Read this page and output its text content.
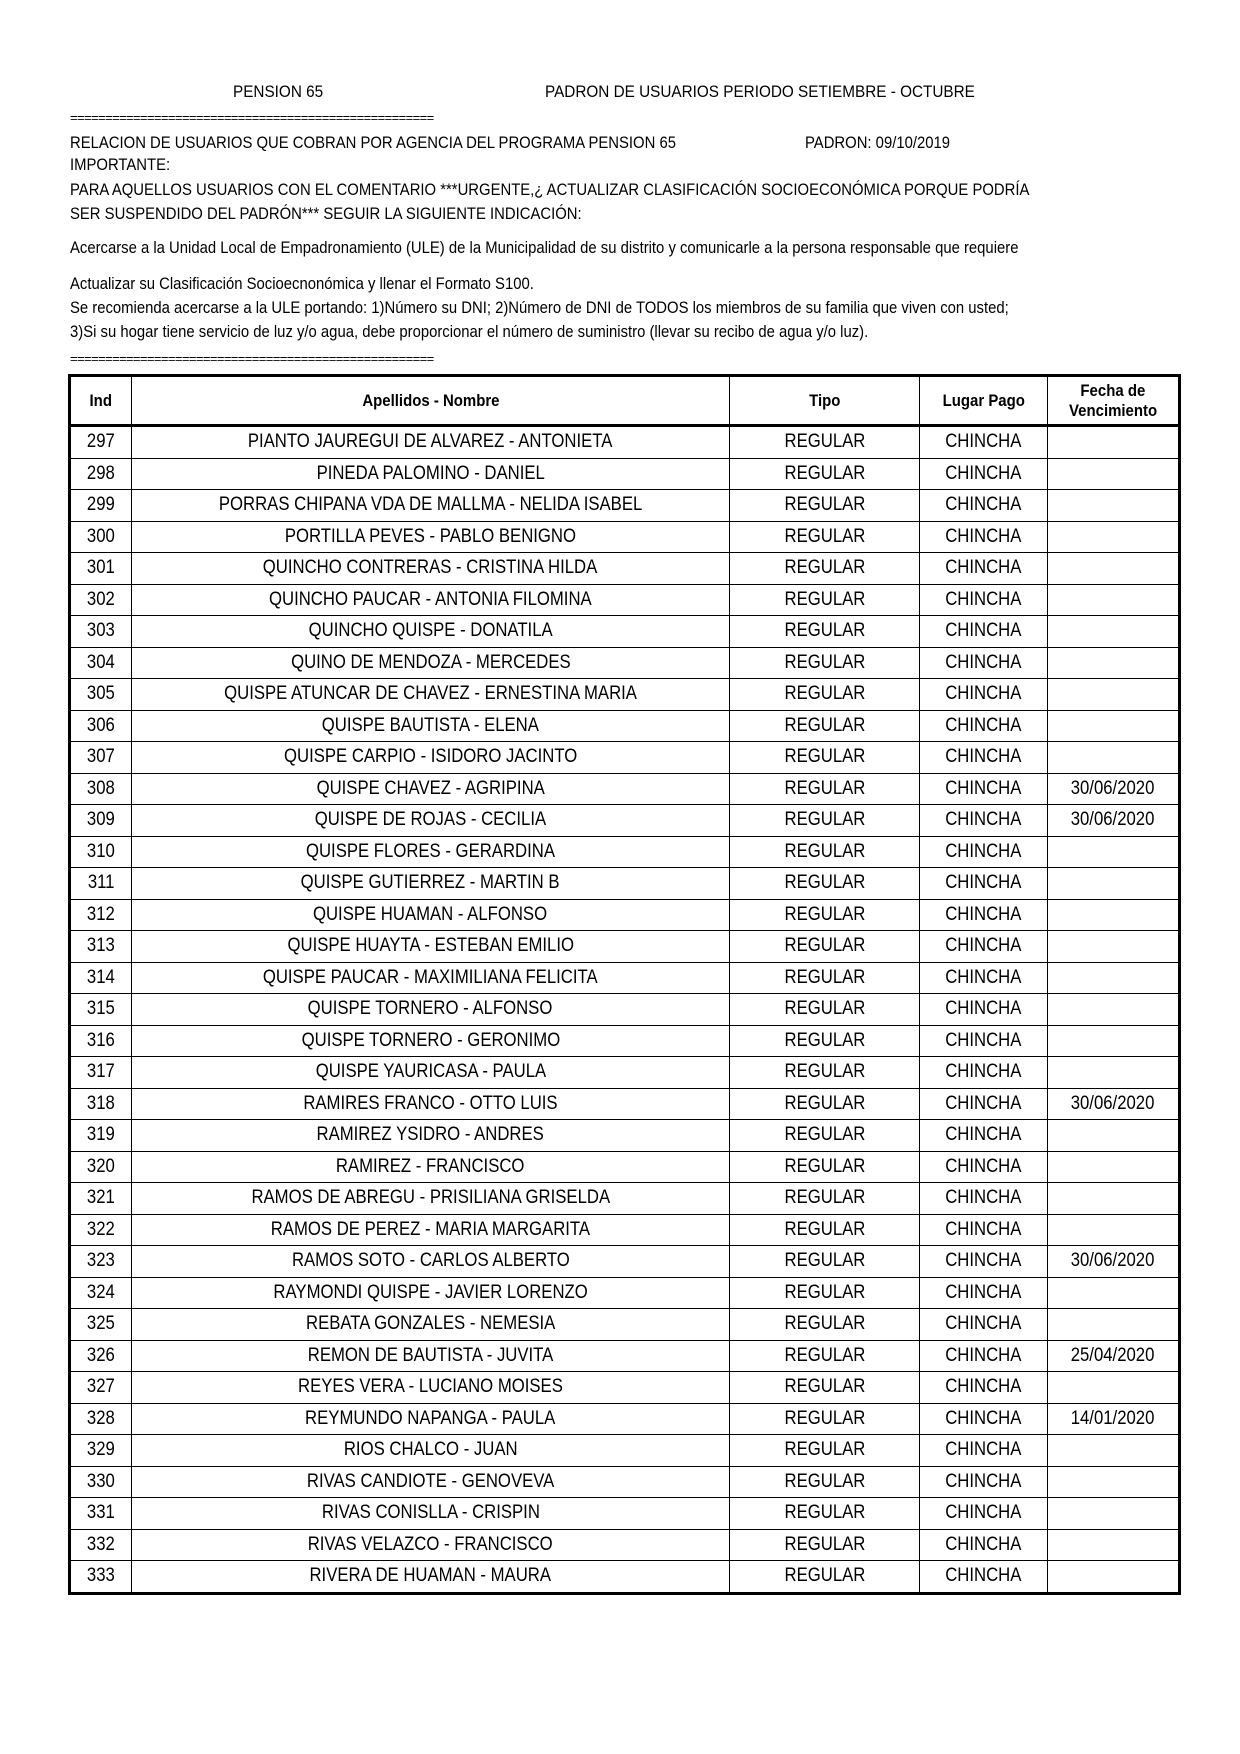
PENSION 65	PADRON DE USUARIOS PERIODO SETIEMBRE - OCTUBRE
====================================================
RELACION DE USUARIOS QUE COBRAN POR AGENCIA DEL PROGRAMA PENSION 65	PADRON: 09/10/2019
IMPORTANTE:
PARA AQUELLOS USUARIOS CON EL COMENTARIO ***URGENTE,¿ ACTUALIZAR CLASIFICACIÓN SOCIOECONÓMICA PORQUE PODRÍA
SER SUSPENDIDO DEL PADRÓN*** SEGUIR LA SIGUIENTE INDICACIÓN:
Acercarse a la Unidad Local de Empadronamiento (ULE) de la Municipalidad de su distrito y comunicarle a la persona responsable que requiere
Actualizar su Clasificación Socioecnonómica y llenar el Formato S100.
Se recomienda acercarse a la ULE portando: 1)Número su DNI; 2)Número de DNI de TODOS los miembros de su familia que viven con usted;
3)Si su hogar tiene servicio de luz y/o agua, debe proporcionar el número de suministro (llevar su recibo de agua y/o luz).
====================================================
Ind	Apellidos - Nombre	Tipo	Lugar Pago	Fecha de
Vencimiento
297	PIANTO JAUREGUI DE ALVAREZ - ANTONIETA	REGULAR	CHINCHA	
298	PINEDA PALOMINO - DANIEL	REGULAR	CHINCHA	
299	PORRAS CHIPANA VDA DE MALLMA - NELIDA ISABEL	REGULAR	CHINCHA	
300	PORTILLA PEVES - PABLO BENIGNO	REGULAR	CHINCHA	
301	QUINCHO CONTRERAS - CRISTINA HILDA	REGULAR	CHINCHA	
302	QUINCHO PAUCAR - ANTONIA FILOMINA	REGULAR	CHINCHA	
303	QUINCHO QUISPE - DONATILA	REGULAR	CHINCHA	
304	QUINO DE MENDOZA - MERCEDES	REGULAR	CHINCHA	
305	QUISPE ATUNCAR DE CHAVEZ - ERNESTINA MARIA	REGULAR	CHINCHA	
306	QUISPE BAUTISTA - ELENA	REGULAR	CHINCHA	
307	QUISPE CARPIO - ISIDORO JACINTO	REGULAR	CHINCHA	
308	QUISPE CHAVEZ - AGRIPINA	REGULAR	CHINCHA	30/06/2020
309	QUISPE DE ROJAS - CECILIA	REGULAR	CHINCHA	30/06/2020
310	QUISPE FLORES - GERARDINA	REGULAR	CHINCHA	
311	QUISPE GUTIERREZ - MARTIN B	REGULAR	CHINCHA	
312	QUISPE HUAMAN - ALFONSO	REGULAR	CHINCHA	
313	QUISPE HUAYTA - ESTEBAN EMILIO	REGULAR	CHINCHA	
314	QUISPE PAUCAR - MAXIMILIANA FELICITA	REGULAR	CHINCHA	
315	QUISPE TORNERO - ALFONSO	REGULAR	CHINCHA	
316	QUISPE TORNERO - GERONIMO	REGULAR	CHINCHA	
317	QUISPE YAURICASA - PAULA	REGULAR	CHINCHA	
318	RAMIRES FRANCO - OTTO LUIS	REGULAR	CHINCHA	30/06/2020
319	RAMIREZ YSIDRO - ANDRES	REGULAR	CHINCHA	
320	RAMIREZ - FRANCISCO	REGULAR	CHINCHA	
321	RAMOS DE ABREGU - PRISILIANA GRISELDA	REGULAR	CHINCHA	
322	RAMOS DE PEREZ - MARIA MARGARITA	REGULAR	CHINCHA	
323	RAMOS SOTO - CARLOS ALBERTO	REGULAR	CHINCHA	30/06/2020
324	RAYMONDI QUISPE - JAVIER LORENZO	REGULAR	CHINCHA	
325	REBATA GONZALES - NEMESIA	REGULAR	CHINCHA	
326	REMON DE BAUTISTA - JUVITA	REGULAR	CHINCHA	25/04/2020
327	REYES VERA - LUCIANO MOISES	REGULAR	CHINCHA	
328	REYMUNDO NAPANGA - PAULA	REGULAR	CHINCHA	14/01/2020
329	RIOS CHALCO - JUAN	REGULAR	CHINCHA	
330	RIVAS CANDIOTE - GENOVEVA	REGULAR	CHINCHA	
331	RIVAS CONISLLA - CRISPIN	REGULAR	CHINCHA	
332	RIVAS VELAZCO - FRANCISCO	REGULAR	CHINCHA	
333	RIVERA DE HUAMAN - MAURA	REGULAR	CHINCHA	
